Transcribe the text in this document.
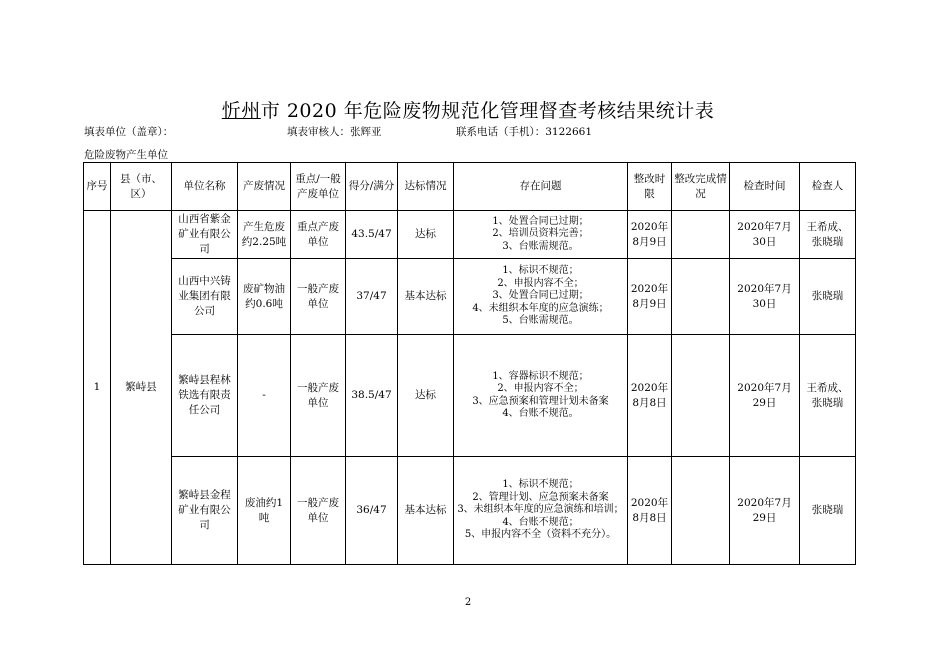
忻州市 2020 年危险废物规范化管理督查考核结果统计表
填表单位（盖章）：	填表审核人：张辉亚	联系电话（手机）：3122661
危险废物产生单位
序号	县（市、区）	单位名称	产废情况	重点/一般产废单位	得分/满分	达标情况	存在问题	整改时限	整改完成情况	检查时间	检查人
1	繁峙县	山西省紫金矿业有限公司	产生危废约2.25吨	重点产废单位	43.5/47	达标	1、处置合同已过期；
2、培训员资料完善；
3、台账需规范。	2020年8月9日		2020年7月30日	王希成、张晓瑞
		山西中兴铸业集团有限公司	废矿物油约0.6吨	一般产废单位	37/47	基本达标	1、标识不规范；
2、申报内容不全；
3、处置合同已过期；
4、未组织本年度的应急演练；
5、台账需规范。	2020年8月9日		2020年7月30日	张晓瑞
		繁峙县程林铁选有限责任公司	-	一般产废单位	38.5/47	达标	1、容器标识不规范；
2、申报内容不全；
3、应急预案和管理计划未备案
4、台账不规范。	2020年8月8日		2020年7月29日	王希成、张晓瑞
		繁峙县金程矿业有限公司	废油约1吨	一般产废单位	36/47	基本达标	1、标识不规范；
2、管理计划、应急预案未备案
3、未组织本年度的应急演练和培训；
4、台账不规范；
5、申报内容不全（资料不充分）。	2020年8月8日		2020年7月29日	张晓瑞
2
